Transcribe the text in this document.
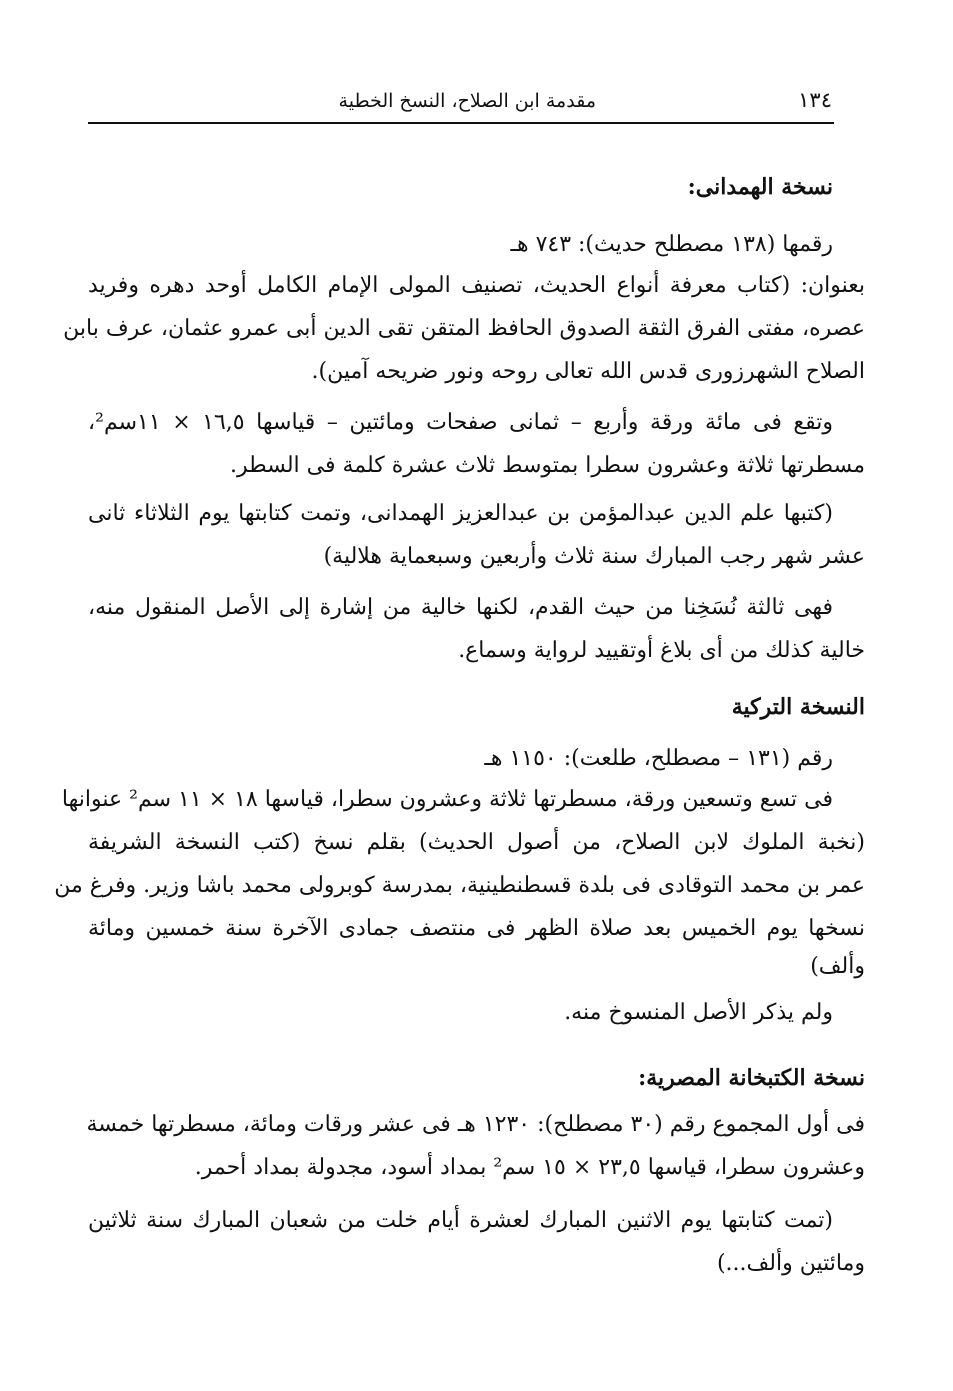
١٣٤
مقدمة ابن الصلاح، النسخ الخطية
نسخة الهمدانى:
رقمها (١٣٨ مصطلح حديث): ٧٤٣ هـ
بعنوان: (كتاب معرفة أنواع الحديث، تصنيف المولى الإمام الكامل أوحد دهره وفريد
عصره، مفتى الفرق الثقة الصدوق الحافظ المتقن تقى الدين أبى عمرو عثمان، عرف بابن
الصلاح الشهرزورى قدس الله تعالى روحه ونور ضريحه آمين).
وتقع فى مائة ورقة وأربع – ثمانى صفحات ومائتين – قياسها ١٦,٥ × ١١سم²،
مسطرتها ثلاثة وعشرون سطرا بمتوسط ثلاث عشرة كلمة فى السطر.
(كتبها علم الدين عبدالمؤمن بن عبدالعزيز الهمدانى، وتمت كتابتها يوم الثلاثاء ثانى
عشر شهر رجب المبارك سنة ثلاث وأربعين وسبعماية هلالية)
فهى ثالثة نُسَخِنا من حيث القدم، لكنها خالية من إشارة إلى الأصل المنقول منه،
خالية كذلك من أى بلاغ أوتقييد لرواية وسماع.
النسخة التركية
رقم (١٣١ – مصطلح، طلعت): ١١٥٠ هـ
فى تسع وتسعين ورقة، مسطرتها ثلاثة وعشرون سطرا، قياسها ١٨ × ١١ سم² عنوانها
(نخبة الملوك لابن الصلاح، من أصول الحديث) بقلم نسخ (كتب النسخة الشريفة
عمر بن محمد التوقادى فى بلدة قسطنطينية، بمدرسة كوبرولى محمد باشا وزير. وفرغ من
نسخها يوم الخميس بعد صلاة الظهر فى منتصف جمادى الآخرة سنة خمسين ومائة
وألف)
ولم يذكر الأصل المنسوخ منه.
نسخة الكتبخانة المصرية:
فى أول المجموع رقم (٣٠ مصطلح): ١٢٣٠ هـ فى عشر ورقات ومائة، مسطرتها خمسة
وعشرون سطرا، قياسها ٢٣,٥ × ١٥ سم² بمداد أسود، مجدولة بمداد أحمر.
(تمت كتابتها يوم الاثنين المبارك لعشرة أيام خلت من شعبان المبارك سنة ثلاثين
ومائتين وألف...)
